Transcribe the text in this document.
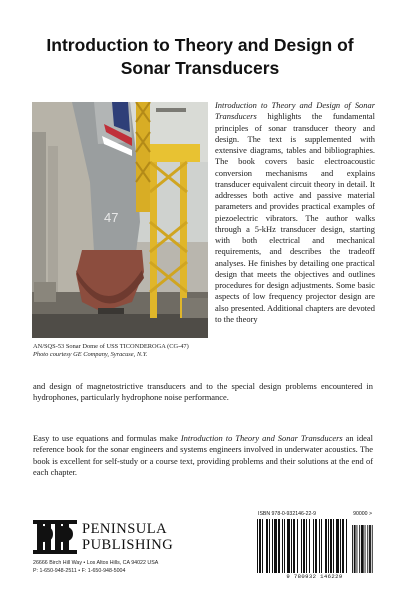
Introduction to Theory and Design of
Sonar Transducers
47
AN/SQS-53 Sonar Dome of USS TICONDEROGA (CG-47)
Photo courtesy GE Company, Syracuse, N.Y.

Introduction to Theory and Design of Sonar Transducers highlights the fundamental principles of sonar transducer theory and design. The text is supplemented with extensive diagrams, tables and bibliographies. The book covers basic electroacoustic conversion mechanisms and explains transducer equivalent circuit theory in detail. It addresses both active and passive material parameters and provides practical examples of piezoelectric vibrators. The author walks through a 5-kHz transducer design, starting with both electrical and mechanical requirements, and describes the tradeoff analyses. He finishes by detailing one practical design that meets the objectives and outlines procedures for design adjustments. Some basic aspects of low frequency projector design are also presented. Additional chapters are devoted to the theory

and design of magnetostrictive transducers and to the special design problems encountered in hydrophones, particularly hydrophone noise performance.

Easy to use equations and formulas make Introduction to Theory and Sonar Transducers an ideal reference book for the sonar engineers and systems engineers involved in underwater acoustics. The book is excellent for self-study or a course text, providing problems and their solutions at the end of each chapter.

PENINSULA
PUBLISHING
26666 Birch Hill Way • Los Altos Hills, CA 94022 USA
P: 1-650-948-2511 • F: 1-650-948-5004
ISBN 978-0-932146-22-9	90000 >
9 780932 146229
